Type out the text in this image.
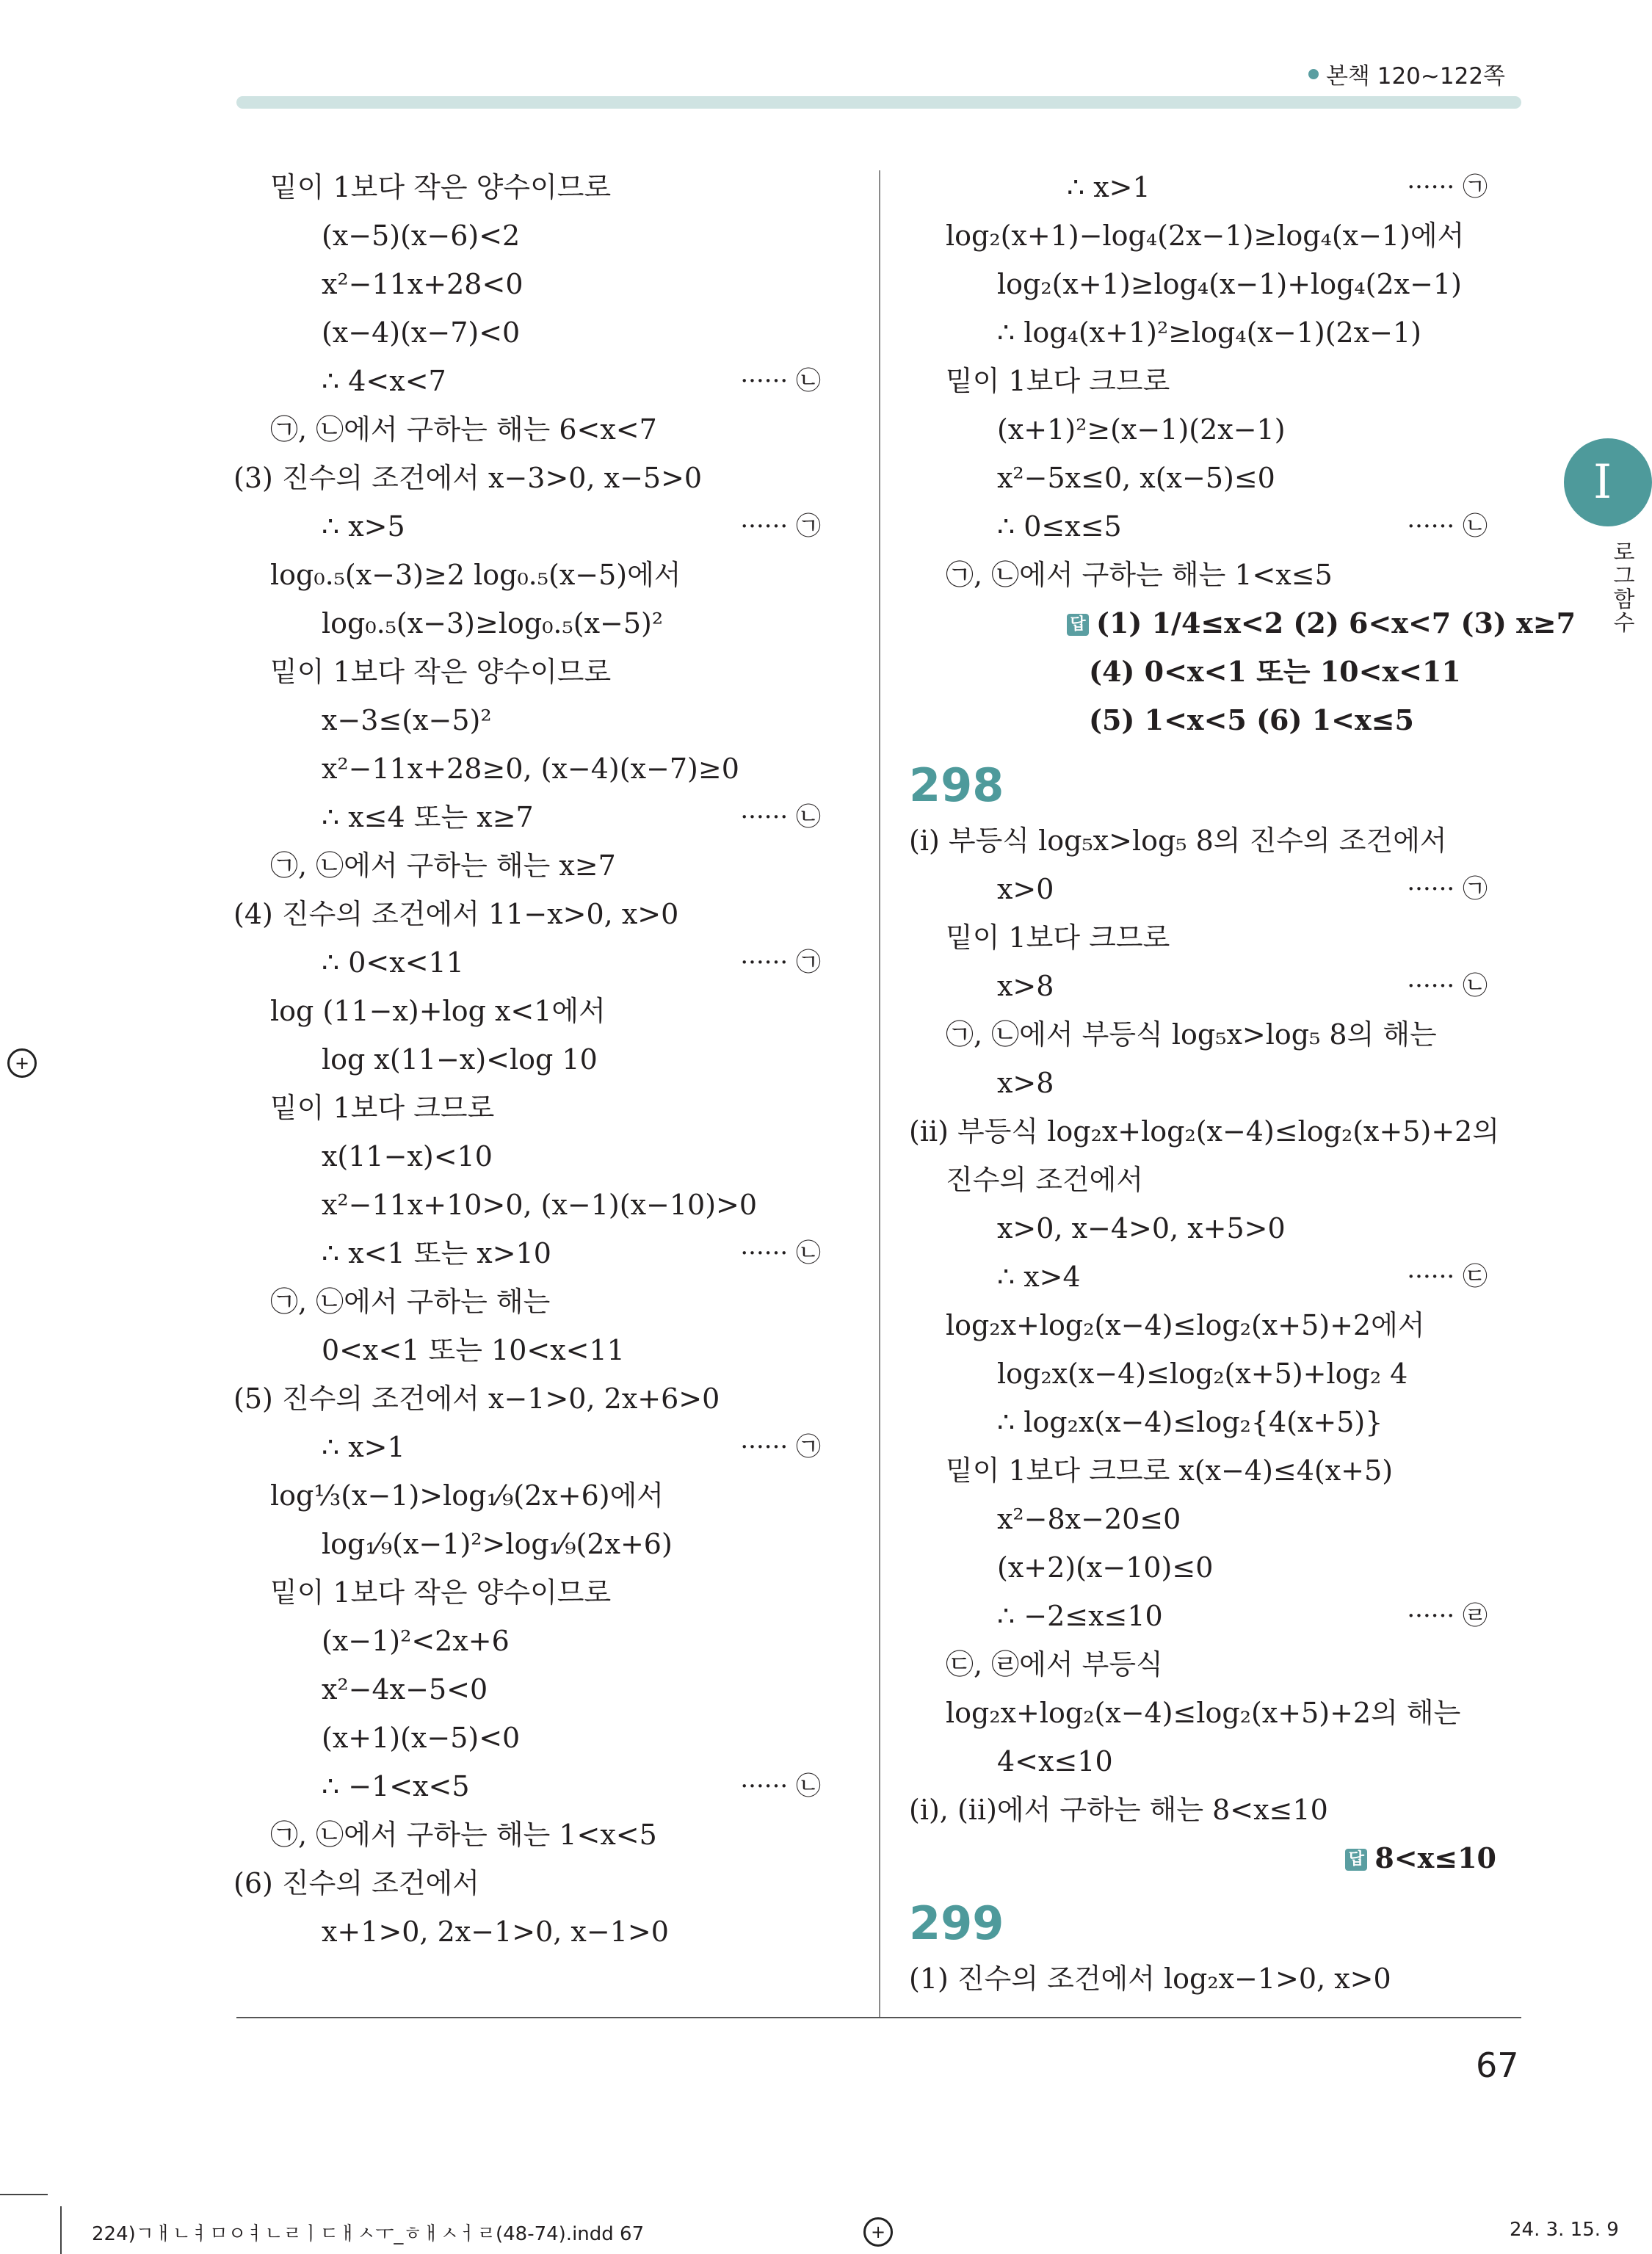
본책 120~122쪽
I
로그함수
밑이 1보다 작은 양수이므로
(x−5)(x−6)<2
x²−11x+28<0
(x−4)(x−7)<0
∴ 4<x<7	······ ㉡
㉠, ㉡에서 구하는 해는 6<x<7
(3) 진수의 조건에서 x−3>0, x−5>0
∴ x>5	······ ㉠
log₀.₅(x−3)≥2 log₀.₅(x−5)에서
log₀.₅(x−3)≥log₀.₅(x−5)²
밑이 1보다 작은 양수이므로
x−3≤(x−5)²
x²−11x+28≥0, (x−4)(x−7)≥0
∴ x≤4 또는 x≥7	······ ㉡
㉠, ㉡에서 구하는 해는 x≥7
(4) 진수의 조건에서 11−x>0, x>0
∴ 0<x<11	······ ㉠
log (11−x)+log x<1에서
log x(11−x)<log 10
밑이 1보다 크므로
x(11−x)<10
x²−11x+10>0, (x−1)(x−10)>0
∴ x<1 또는 x>10	······ ㉡
㉠, ㉡에서 구하는 해는
0<x<1 또는 10<x<11
(5) 진수의 조건에서 x−1>0, 2x+6>0
∴ x>1	······ ㉠
log⅓(x−1)>log₁⁄₉(2x+6)에서
log₁⁄₉(x−1)²>log₁⁄₉(2x+6)
밑이 1보다 작은 양수이므로
(x−1)²<2x+6
x²−4x−5<0
(x+1)(x−5)<0
∴ −1<x<5	······ ㉡
㉠, ㉡에서 구하는 해는 1<x<5
(6) 진수의 조건에서
x+1>0, 2x−1>0, x−1>0
∴ x>1	······ ㉠
log₂(x+1)−log₄(2x−1)≥log₄(x−1)에서
log₂(x+1)≥log₄(x−1)+log₄(2x−1)
∴ log₄(x+1)²≥log₄(x−1)(2x−1)
밑이 1보다 크므로
(x+1)²≥(x−1)(2x−1)
x²−5x≤0, x(x−5)≤0
∴ 0≤x≤5	······ ㉡
㉠, ㉡에서 구하는 해는 1<x≤5
답 (1) 1/4≤x<2 (2) 6<x<7 (3) x≥7
(4) 0<x<1 또는 10<x<11
(5) 1<x<5 (6) 1<x≤5
298
(i) 부등식 log₅x>log₅ 8의 진수의 조건에서
x>0	······ ㉠
밑이 1보다 크므로
x>8	······ ㉡
㉠, ㉡에서 부등식 log₅x>log₅ 8의 해는
x>8
(ii) 부등식 log₂x+log₂(x−4)≤log₂(x+5)+2의
진수의 조건에서
x>0, x−4>0, x+5>0
∴ x>4	······ ㉢
log₂x+log₂(x−4)≤log₂(x+5)+2에서
log₂x(x−4)≤log₂(x+5)+log₂ 4
∴ log₂x(x−4)≤log₂{4(x+5)}
밑이 1보다 크므로 x(x−4)≤4(x+5)
x²−8x−20≤0
(x+2)(x−10)≤0
∴ −2≤x≤10	······ ㉣
㉢, ㉣에서 부등식
log₂x+log₂(x−4)≤log₂(x+5)+2의 해는
4<x≤10
(i), (ii)에서 구하는 해는 8<x≤10
답 8<x≤10
299
(1) 진수의 조건에서 log₂x−1>0, x>0
67
+
+
224)ㄱㅐㄴㅕㅁㅇㅕㄴㄹㅣㄷㅐㅅㅜ_ㅎㅐㅅㅓㄹ(48-74).indd 67	24. 3. 15. 9
